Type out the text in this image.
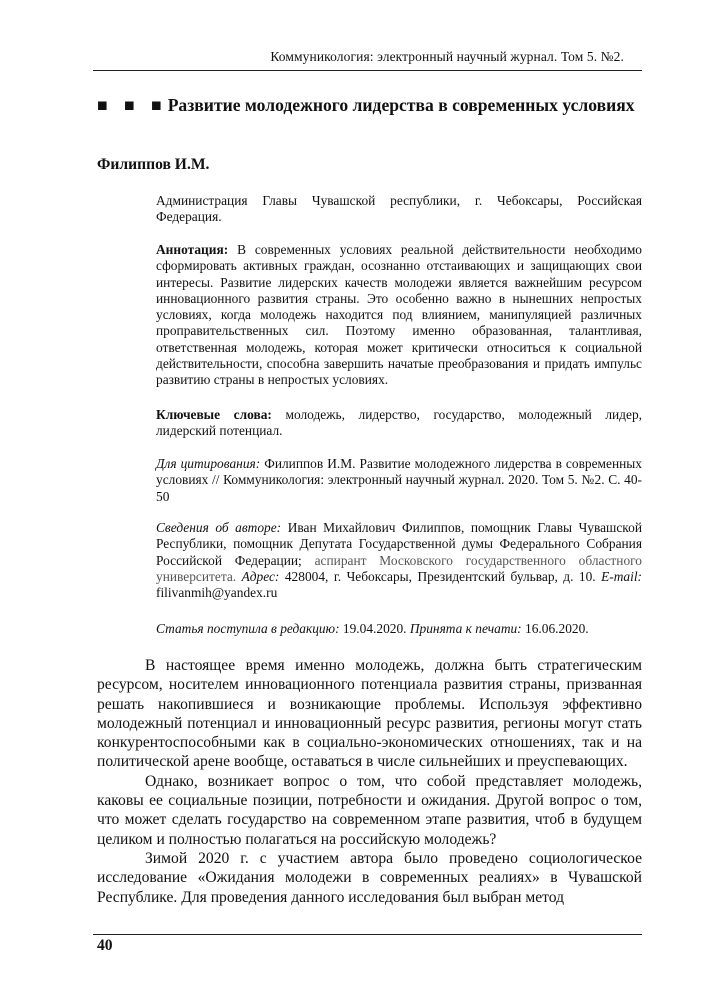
Коммуникология: электронный научный журнал. Том 5. №2.
■ ■ ■ Развитие молодежного лидерства в современных условиях
Филиппов И.М.
Администрация Главы Чувашской республики, г. Чебоксары, Российская Федерация.
Аннотация: В современных условиях реальной действительности необходимо сформировать активных граждан, осознанно отстаивающих и защищающих свои интересы. Развитие лидерских качеств молодежи является важнейшим ресурсом инновационного развития страны. Это особенно важно в нынешних непростых условиях, когда молодежь находится под влиянием, манипуляцией различных проправительственных сил. Поэтому именно образованная, талантливая, ответственная молодежь, которая может критически относиться к социальной действительности, способна завершить начатые преобразования и придать импульс развитию страны в непростых условиях.
Ключевые слова: молодежь, лидерство, государство, молодежный лидер, лидерский потенциал.
Для цитирования: Филиппов И.М. Развитие молодежного лидерства в современных условиях // Коммуникология: электронный научный журнал. 2020. Том 5. №2. С. 40-50
Сведения об авторе: Иван Михайлович Филиппов, помощник Главы Чувашской Республики, помощник Депутата Государственной думы Федерального Собрания Российской Федерации; аспирант Московского государственного областного университета. Адрес: 428004, г. Чебоксары, Президентский бульвар, д. 10. E-mail: filivanmih@yandex.ru
Статья поступила в редакцию: 19.04.2020. Принята к печати: 16.06.2020.

В настоящее время именно молодежь, должна быть стратегическим ресурсом, носителем инновационного потенциала развития страны, призванная решать накопившиеся и возникающие проблемы. Используя эффективно молодежный потенциал и инновационный ресурс развития, регионы могут стать конкурентоспособными как в социально-экономических отношениях, так и на политической арене вообще, оставаться в числе сильнейших и преуспевающих.

Однако, возникает вопрос о том, что собой представляет молодежь, каковы ее социальные позиции, потребности и ожидания. Другой вопрос о том, что может сделать государство на современном этапе развития, чтоб в будущем целиком и полностью полагаться на российскую молодежь?

Зимой 2020 г. с участием автора было проведено социологическое исследование «Ожидания молодежи в современных реалиях» в Чувашской Республике. Для проведения данного исследования был выбран метод

40
